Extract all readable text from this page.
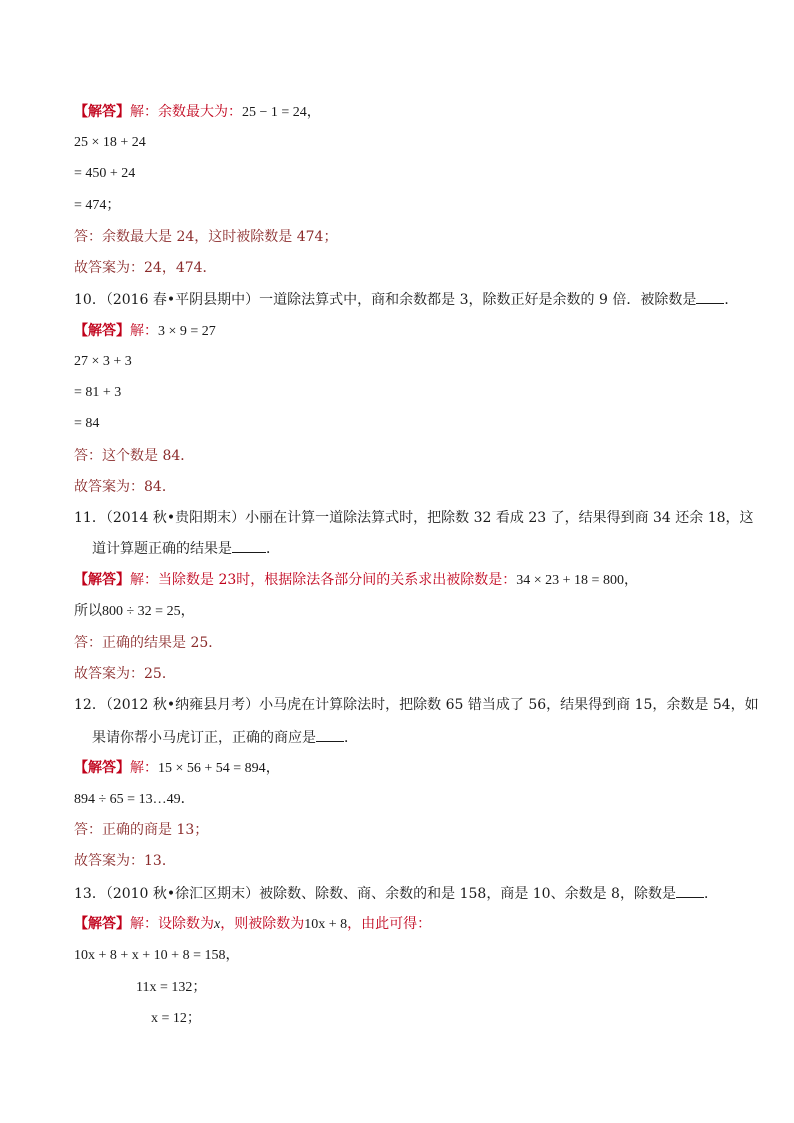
【解答】解：余数最大为：25 − 1 = 24，
25 × 18 + 24
= 450 + 24
= 474；
答：余数最大是 24，这时被除数是 474；
故答案为：24，474．
10．（2016 春•平阴县期中）一道除法算式中，商和余数都是 3，除数正好是余数的 9 倍．被除数是 ．
【解答】解：3 × 9 = 27
27 × 3 + 3
= 81 + 3
= 84
答：这个数是 84．
故答案为：84．
11．（2014 秋•贵阳期末）小丽在计算一道除法算式时，把除数 32 看成 23 了，结果得到商 34 还余 18，这
道计算题正确的结果是 ．
【解答】解：当除数是 23时，根据除法各部分间的关系求出被除数是：34 × 23 + 18 = 800，
所以800 ÷ 32 = 25，
答：正确的结果是 25．
故答案为：25．
12．（2012 秋•纳雍县月考）小马虎在计算除法时，把除数 65 错当成了 56，结果得到商 15，余数是 54，如
果请你帮小马虎订正，正确的商应是 ．
【解答】解：15 × 56 + 54 = 894，
894 ÷ 65 = 13…49．
答：正确的商是 13；
故答案为：13．
13．（2010 秋•徐汇区期末）被除数、除数、商、余数的和是 158，商是 10、余数是 8，除数是 ．
【解答】解：设除数为x，则被除数为10x + 8，由此可得：
10x + 8 + x + 10 + 8 = 158，
11x = 132；
x = 12；
